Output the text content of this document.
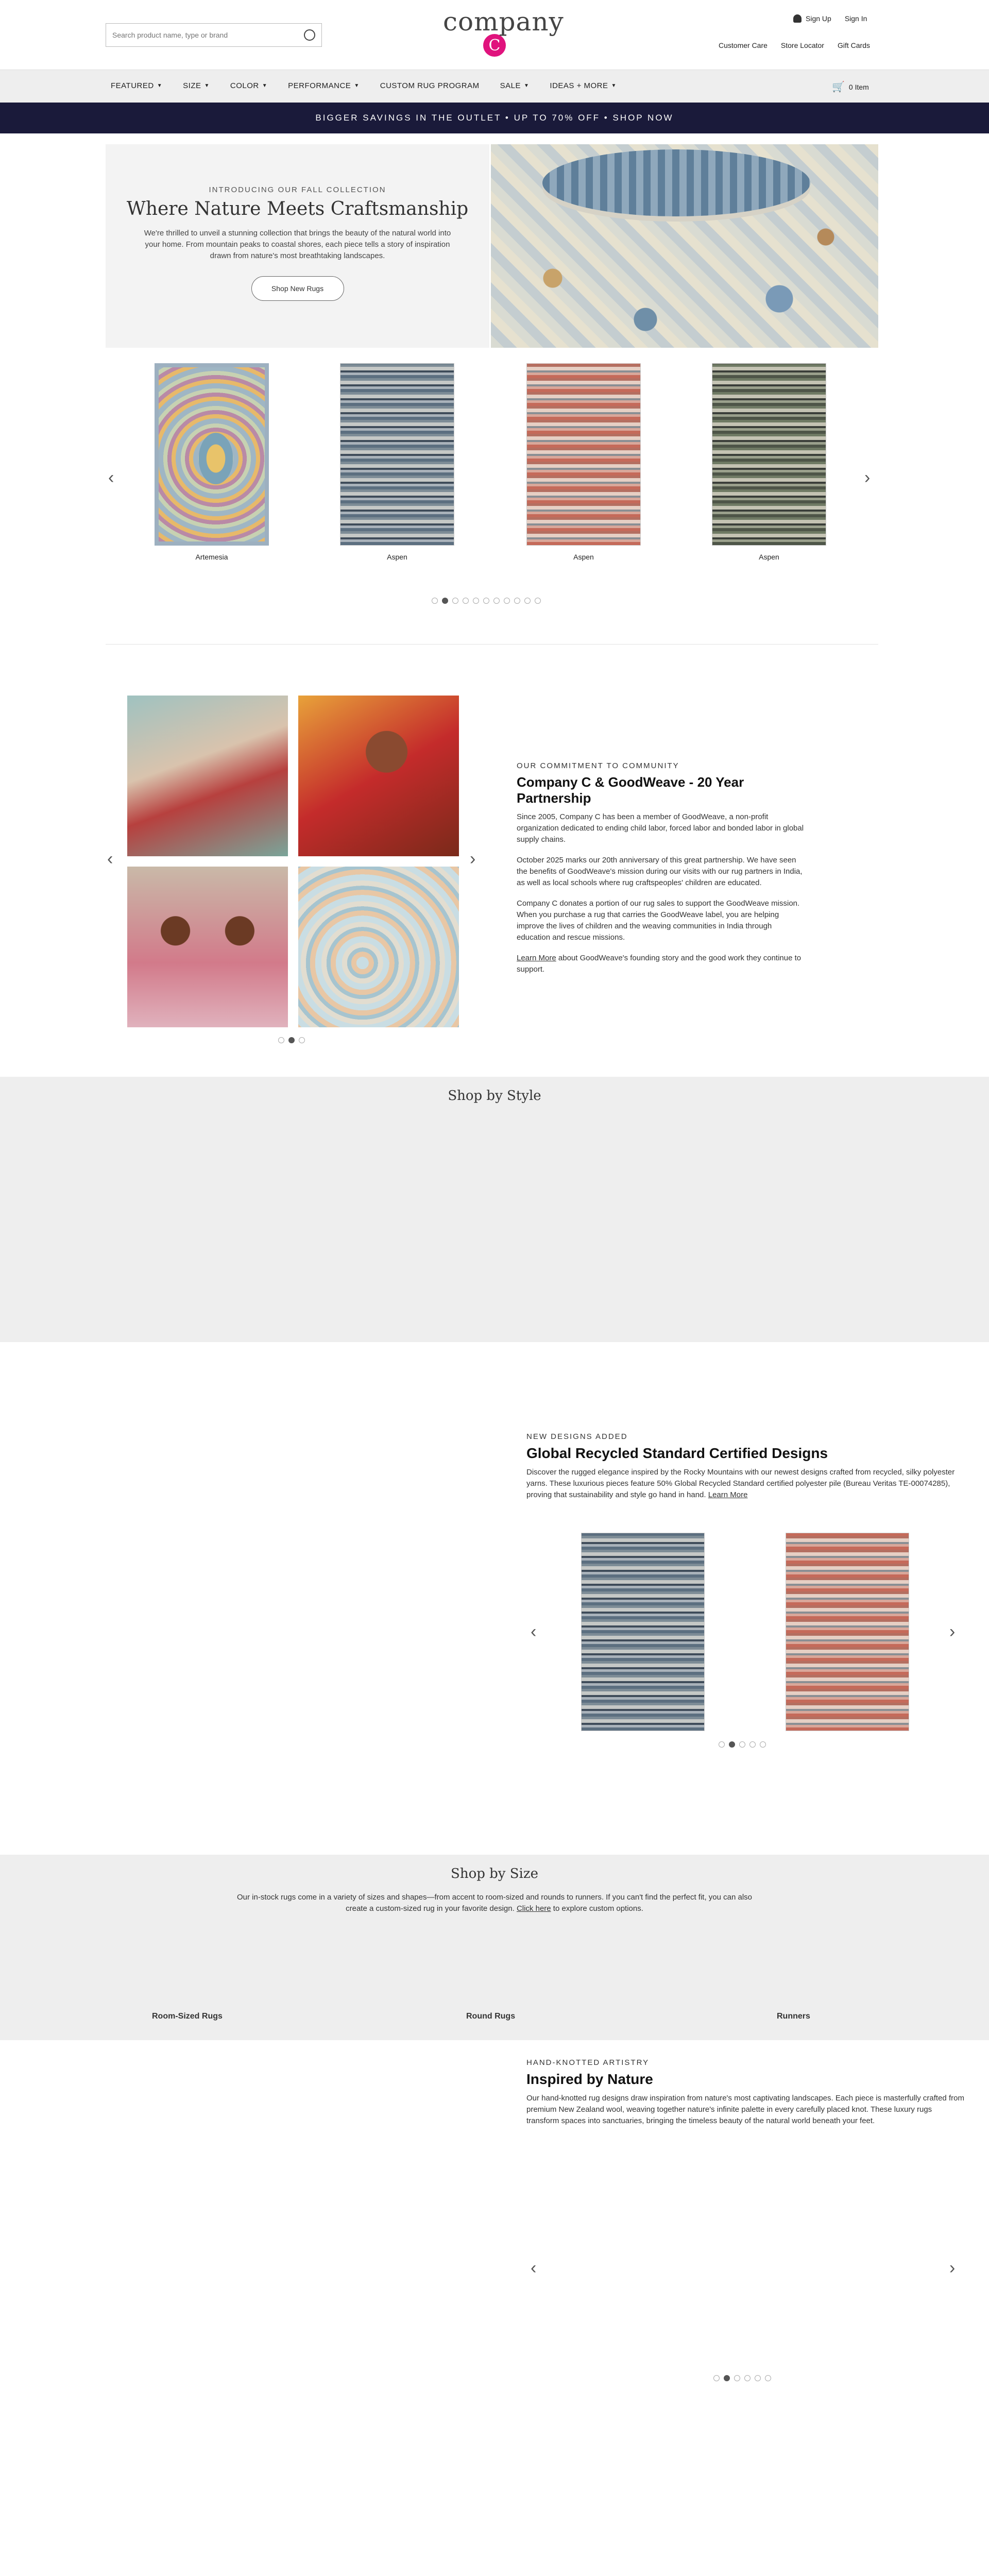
Search product name, type or brand
company
C
Sign Up Sign In
Customer Care Store Locator Gift Cards
FEATURED ▼	SIZE ▼	COLOR ▼	PERFORMANCE ▼	CUSTOM RUG PROGRAM	SALE ▼	IDEAS + MORE ▼	🛒 0 Item
BIGGER SAVINGS IN THE OUTLET • UP TO 70% OFF • SHOP NOW
INTRODUCING OUR FALL COLLECTION
Where Nature Meets Craftsmanship
We're thrilled to unveil a stunning collection that brings the beauty of the natural world into your home. From mountain peaks to coastal shores, each piece tells a story of inspiration drawn from nature's most breathtaking landscapes.
Shop New Rugs
‹	›
Artemesia	Aspen	Aspen	Aspen
‹	›
OUR COMMITMENT TO COMMUNITY
Company C & GoodWeave - 20 Year Partnership
Since 2005, Company C has been a member of GoodWeave, a non-profit organization dedicated to ending child labor, forced labor and bonded labor in global supply chains.
October 2025 marks our 20th anniversary of this great partnership. We have seen the benefits of GoodWeave's mission during our visits with our rug partners in India, as well as local schools where rug craftspeoples' children are educated.
Company C donates a portion of our rug sales to support the GoodWeave mission. When you purchase a rug that carries the GoodWeave label, you are helping improve the lives of children and the weaving communities in India through education and rescue missions.
Learn More about GoodWeave's founding story and the good work they continue to support.
Shop by Style
NEW DESIGNS ADDED
Global Recycled Standard Certified Designs
Discover the rugged elegance inspired by the Rocky Mountains with our newest designs crafted from recycled, silky polyester yarns. These luxurious pieces feature 50% Global Recycled Standard certified polyester pile (Bureau Veritas TE-00074285), proving that sustainability and style go hand in hand. Learn More
‹	›
Shop by Size
Our in-stock rugs come in a variety of sizes and shapes—from accent to room-sized and rounds to runners. If you can't find the perfect fit, you can also create a custom-sized rug in your favorite design. Click here to explore custom options.
Room-Sized Rugs	Round Rugs	Runners
HAND-KNOTTED ARTISTRY
Inspired by Nature
Our hand-knotted rug designs draw inspiration from nature's most captivating landscapes. Each piece is masterfully crafted from premium New Zealand wool, weaving together nature's infinite palette in every carefully placed knot. These luxury rugs transform spaces into sanctuaries, bringing the timeless beauty of the natural world beneath your feet.
‹	›
